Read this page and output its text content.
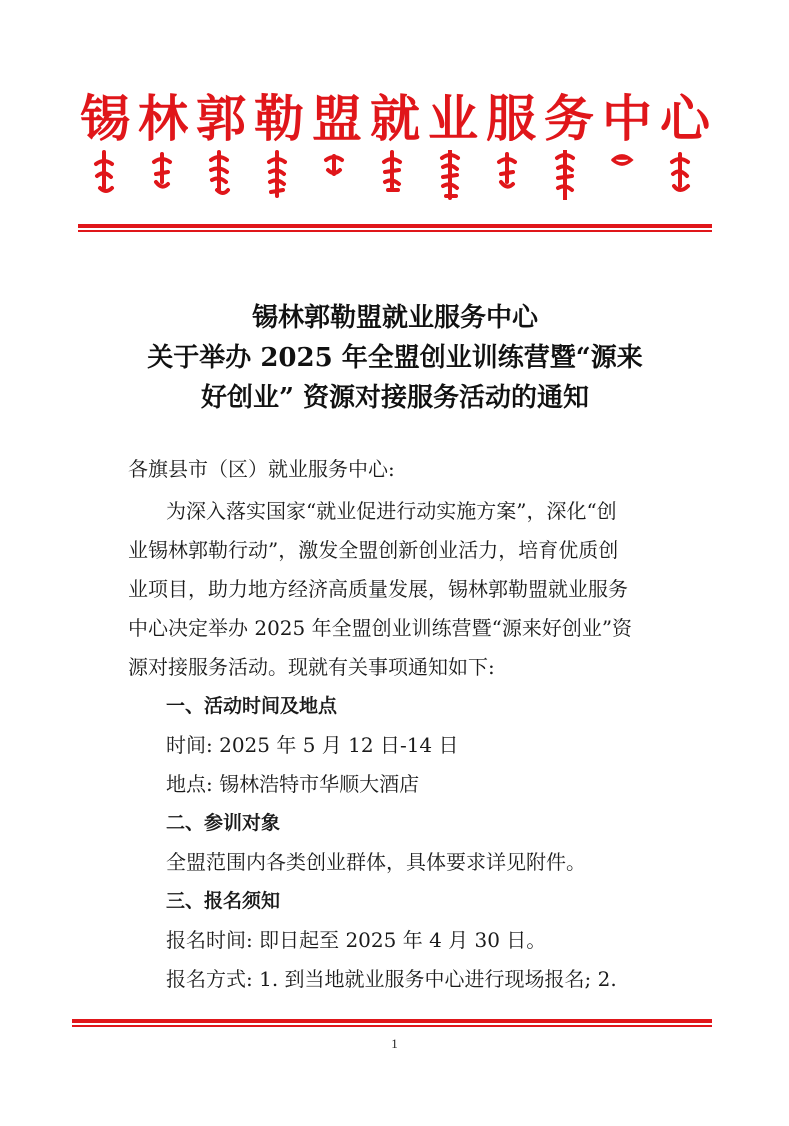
锡 林 郭 勒 盟 就 业 服 务 中 心
锡林郭勒盟就业服务中心
关于举办 2025 年全盟创业训练营暨“源来
好创业” 资源对接服务活动的通知
各旗县市（区）就业服务中心:
为深入落实国家“就业促进行动实施方案”，深化“创
业锡林郭勒行动”，激发全盟创新创业活力，培育优质创
业项目，助力地方经济高质量发展，锡林郭勒盟就业服务
中心决定举办 2025 年全盟创业训练营暨“源来好创业”资
源对接服务活动。现就有关事项通知如下:
一、活动时间及地点
时间: 2025 年 5 月 12 日-14 日
地点: 锡林浩特市华顺大酒店
二、参训对象
全盟范围内各类创业群体，具体要求详见附件。
三、报名须知
报名时间: 即日起至 2025 年 4 月 30 日。
报名方式: 1. 到当地就业服务中心进行现场报名; 2.
1
